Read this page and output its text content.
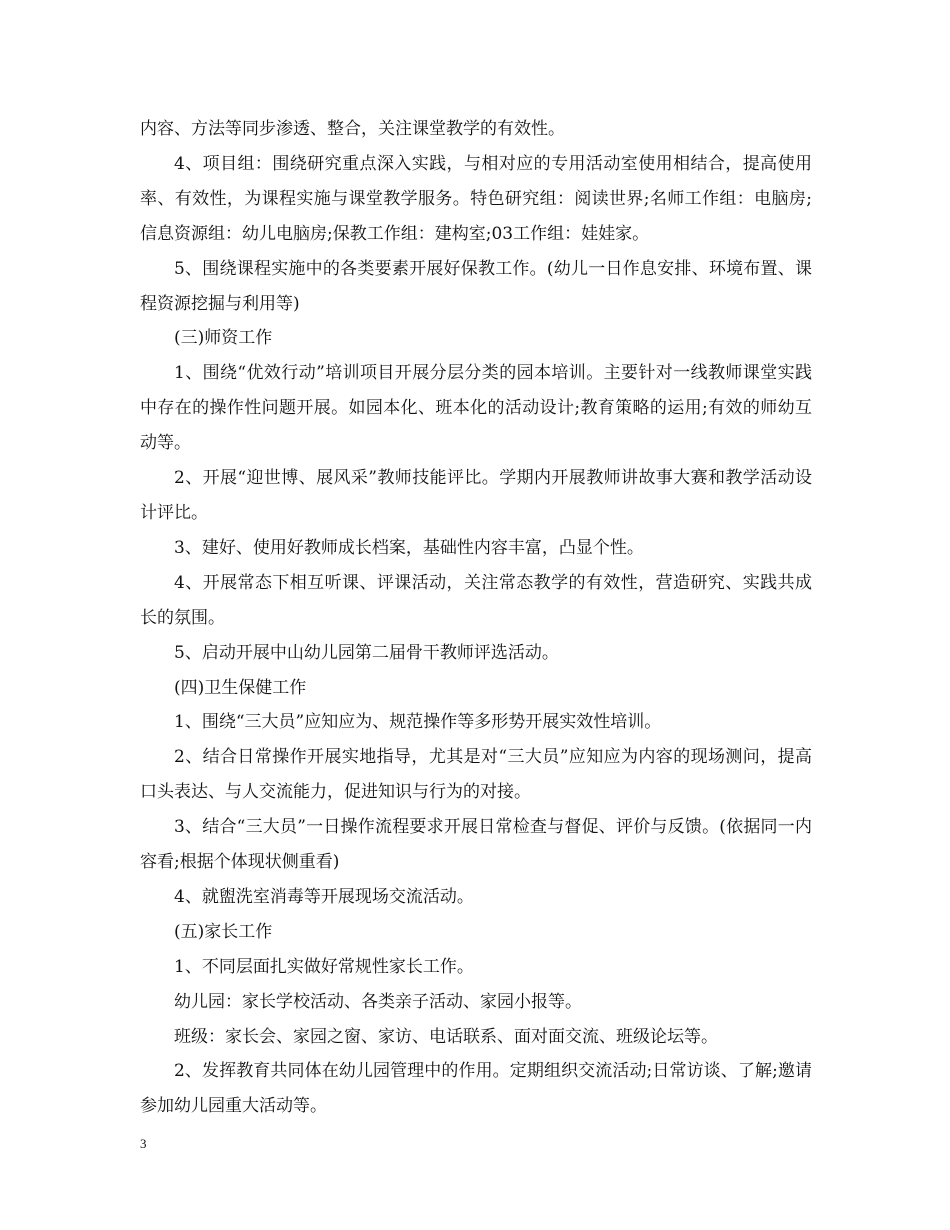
内容、方法等同步渗透、整合，关注课堂教学的有效性。

4、项目组：围绕研究重点深入实践，与相对应的专用活动室使用相结合，提高使用率、有效性，为课程实施与课堂教学服务。特色研究组：阅读世界;名师工作组：电脑房;信息资源组：幼儿电脑房;保教工作组：建构室;03工作组：娃娃家。

5、围绕课程实施中的各类要素开展好保教工作。(幼儿一日作息安排、环境布置、课程资源挖掘与利用等)

(三)师资工作

1、围绕“优效行动”培训项目开展分层分类的园本培训。主要针对一线教师课堂实践中存在的操作性问题开展。如园本化、班本化的活动设计;教育策略的运用;有效的师幼互动等。

2、开展“迎世博、展风采”教师技能评比。学期内开展教师讲故事大赛和教学活动设计评比。

3、建好、使用好教师成长档案，基础性内容丰富，凸显个性。

4、开展常态下相互听课、评课活动，关注常态教学的有效性，营造研究、实践共成长的氛围。

5、启动开展中山幼儿园第二届骨干教师评选活动。

(四)卫生保健工作

1、围绕“三大员”应知应为、规范操作等多形势开展实效性培训。

2、结合日常操作开展实地指导，尤其是对“三大员”应知应为内容的现场测问，提高口头表达、与人交流能力，促进知识与行为的对接。

3、结合“三大员”一日操作流程要求开展日常检查与督促、评价与反馈。(依据同一内容看;根据个体现状侧重看)

4、就盥洗室消毒等开展现场交流活动。

(五)家长工作

1、不同层面扎实做好常规性家长工作。

幼儿园：家长学校活动、各类亲子活动、家园小报等。

班级：家长会、家园之窗、家访、电话联系、面对面交流、班级论坛等。

2、发挥教育共同体在幼儿园管理中的作用。定期组织交流活动;日常访谈、了解;邀请参加幼儿园重大活动等。

3
